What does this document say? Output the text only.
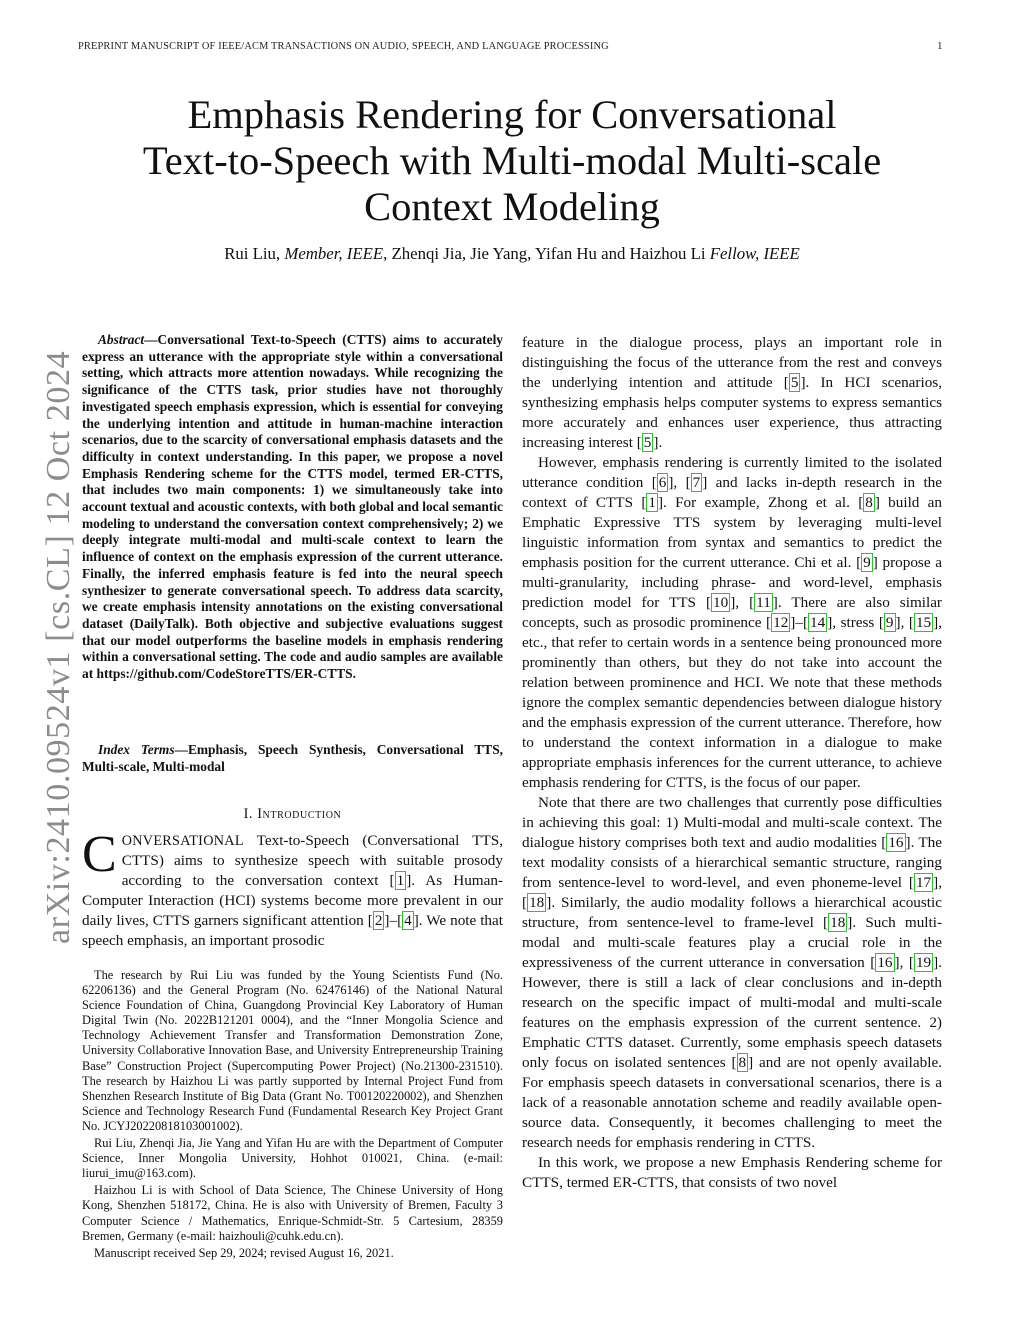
PREPRINT MANUSCRIPT OF IEEE/ACM TRANSACTIONS ON AUDIO, SPEECH, AND LANGUAGE PROCESSING	1
Emphasis Rendering for Conversational
Text-to-Speech with Multi-modal Multi-scale
Context Modeling
Rui Liu, Member, IEEE, Zhenqi Jia, Jie Yang, Yifan Hu and Haizhou Li Fellow, IEEE
arXiv:2410.09524v1 [cs.CL] 12 Oct 2024

Abstract—Conversational Text-to-Speech (CTTS) aims to accurately express an utterance with the appropriate style within a conversational setting, which attracts more attention nowadays. While recognizing the significance of the CTTS task, prior studies have not thoroughly investigated speech emphasis expression, which is essential for conveying the underlying intention and attitude in human-machine interaction scenarios, due to the scarcity of conversational emphasis datasets and the difficulty in context understanding. In this paper, we propose a novel Emphasis Rendering scheme for the CTTS model, termed ER-CTTS, that includes two main components: 1) we simultaneously take into account textual and acoustic contexts, with both global and local semantic modeling to understand the conversation context comprehensively; 2) we deeply integrate multi-modal and multi-scale context to learn the influence of context on the emphasis expression of the current utterance. Finally, the inferred emphasis feature is fed into the neural speech synthesizer to generate conversational speech. To address data scarcity, we create emphasis intensity annotations on the existing conversational dataset (DailyTalk). Both objective and subjective evaluations suggest that our model outperforms the baseline models in emphasis rendering within a conversational setting. The code and audio samples are available at https://github.com/CodeStoreTTS/ER-CTTS.

Index Terms—Emphasis, Speech Synthesis, Conversational TTS, Multi-scale, Multi-modal
I. Introduction

CONVERSATIONAL Text-to-Speech (Conversational TTS, CTTS) aims to synthesize speech with suitable prosody according to the conversation context [ 1 ]. As Human-Computer Interaction (HCI) systems become more prevalent in our daily lives, CTTS garners significant attention [ 2 ]–[ 4 ]. We note that speech emphasis, an important prosodic

The research by Rui Liu was funded by the Young Scientists Fund (No. 62206136) and the General Program (No. 62476146) of the National Natural Science Foundation of China, Guangdong Provincial Key Laboratory of Human Digital Twin (No. 2022B121201 0004), and the “Inner Mongolia Science and Technology Achievement Transfer and Transformation Demonstration Zone, University Collaborative Innovation Base, and University Entrepreneurship Training Base” Construction Project (Supercomputing Power Project) (No.21300-231510). The research by Haizhou Li was partly supported by Internal Project Fund from Shenzhen Research Institute of Big Data (Grant No. T00120220002), and Shenzhen Science and Technology Research Fund (Fundamental Research Key Project Grant No. JCYJ20220818103001002).

Rui Liu, Zhenqi Jia, Jie Yang and Yifan Hu are with the Department of Computer Science, Inner Mongolia University, Hohhot 010021, China. (e-mail: liurui_imu@163.com).

Haizhou Li is with School of Data Science, The Chinese University of Hong Kong, Shenzhen 518172, China. He is also with University of Bremen, Faculty 3 Computer Science / Mathematics, Enrique-Schmidt-Str. 5 Cartesium, 28359 Bremen, Germany (e-mail: haizhouli@cuhk.edu.cn).

Manuscript received Sep 29, 2024; revised August 16, 2021.

feature in the dialogue process, plays an important role in distinguishing the focus of the utterance from the rest and conveys the underlying intention and attitude [ 5 ]. In HCI scenarios, synthesizing emphasis helps computer systems to express semantics more accurately and enhances user experience, thus attracting increasing interest [ 5 ].

However, emphasis rendering is currently limited to the isolated utterance condition [ 6 ], [ 7 ] and lacks in-depth research in the context of CTTS [ 1 ]. For example, Zhong et al. [ 8 ] build an Emphatic Expressive TTS system by leveraging multi-level linguistic information from syntax and semantics to predict the emphasis position for the current utterance. Chi et al. [ 9 ] propose a multi-granularity, including phrase- and word-level, emphasis prediction model for TTS [ 10 ], [ 11 ]. There are also similar concepts, such as prosodic prominence [ 12 ]–[ 14 ], stress [ 9 ], [ 15 ], etc., that refer to certain words in a sentence being pronounced more prominently than others, but they do not take into account the relation between prominence and HCI. We note that these methods ignore the complex semantic dependencies between dialogue history and the emphasis expression of the current utterance. Therefore, how to understand the context information in a dialogue to make appropriate emphasis inferences for the current utterance, to achieve emphasis rendering for CTTS, is the focus of our paper.

Note that there are two challenges that currently pose difficulties in achieving this goal: 1) Multi-modal and multi-scale context. The dialogue history comprises both text and audio modalities [ 16 ]. The text modality consists of a hierarchical semantic structure, ranging from sentence-level to word-level, and even phoneme-level [ 17 ], [ 18 ]. Similarly, the audio modality follows a hierarchical acoustic structure, from sentence-level to frame-level [ 18 ]. Such multi-modal and multi-scale features play a crucial role in the expressiveness of the current utterance in conversation [ 16 ], [ 19 ]. However, there is still a lack of clear conclusions and in-depth research on the specific impact of multi-modal and multi-scale features on the emphasis expression of the current sentence. 2) Emphatic CTTS dataset. Currently, some emphasis speech datasets only focus on isolated sentences [ 8 ] and are not openly available. For emphasis speech datasets in conversational scenarios, there is a lack of a reasonable annotation scheme and readily available open-source data. Consequently, it becomes challenging to meet the research needs for emphasis rendering in CTTS.

In this work, we propose a new Emphasis Rendering scheme for CTTS, termed ER-CTTS, that consists of two novel
